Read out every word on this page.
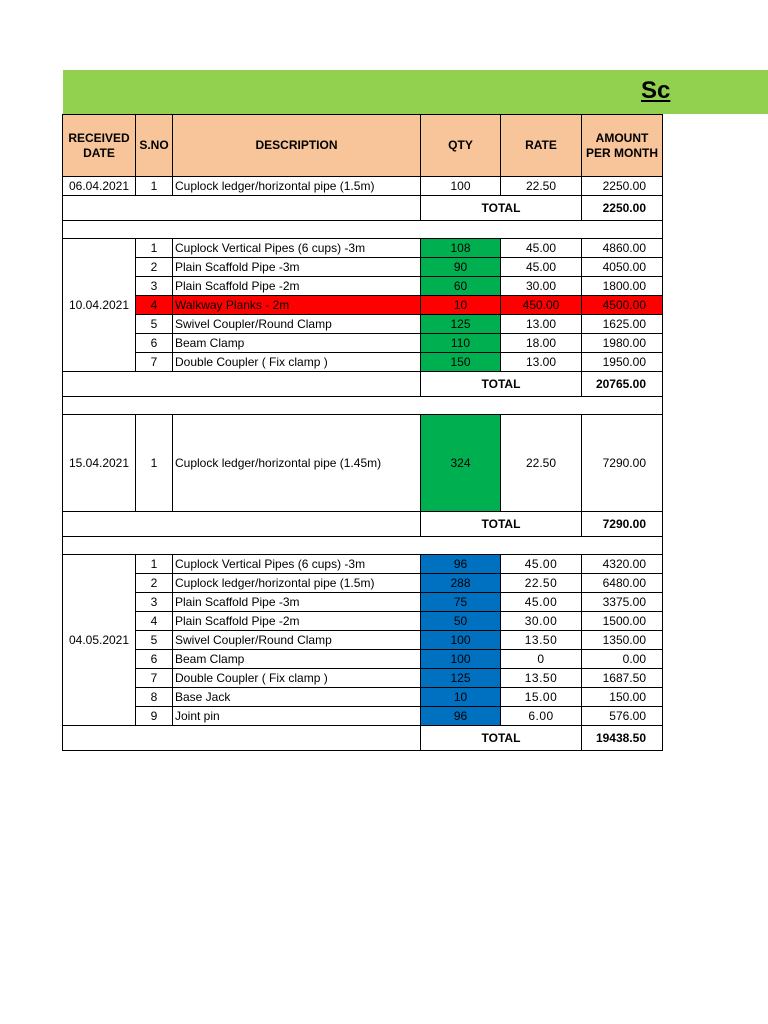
Sc
RECEIVED DATE	S.NO	DESCRIPTION	QTY	RATE	AMOUNT PER MONTH
06.04.2021	1	Cuplock ledger/horizontal pipe (1.5m)	100	22.50	2250.00
			TOTAL		2250.00

10.04.2021	1	Cuplock Vertical Pipes (6 cups) -3m	108	45.00	4860.00
	2	Plain Scaffold Pipe -3m	90	45.00	4050.00
	3	Plain Scaffold Pipe -2m	60	30.00	1800.00
	4	Walkway Planks - 2m	10	450.00	4500.00
	5	Swivel Coupler/Round Clamp	125	13.00	1625.00
	6	Beam Clamp	110	18.00	1980.00
	7	Double Coupler ( Fix clamp )	150	13.00	1950.00
			TOTAL		20765.00

15.04.2021	1	Cuplock ledger/horizontal pipe (1.45m)	324	22.50	7290.00
			TOTAL		7290.00

04.05.2021	1	Cuplock Vertical Pipes (6 cups) -3m	96	45.00	4320.00
	2	Cuplock ledger/horizontal pipe (1.5m)	288	22.50	6480.00
	3	Plain Scaffold Pipe -3m	75	45.00	3375.00
	4	Plain Scaffold Pipe -2m	50	30.00	1500.00
	5	Swivel Coupler/Round Clamp	100	13.50	1350.00
	6	Beam Clamp	100	0	0.00
	7	Double Coupler ( Fix clamp )	125	13.50	1687.50
	8	Base Jack	10	15.00	150.00
	9	Joint pin	96	6.00	576.00
			TOTAL		19438.50
